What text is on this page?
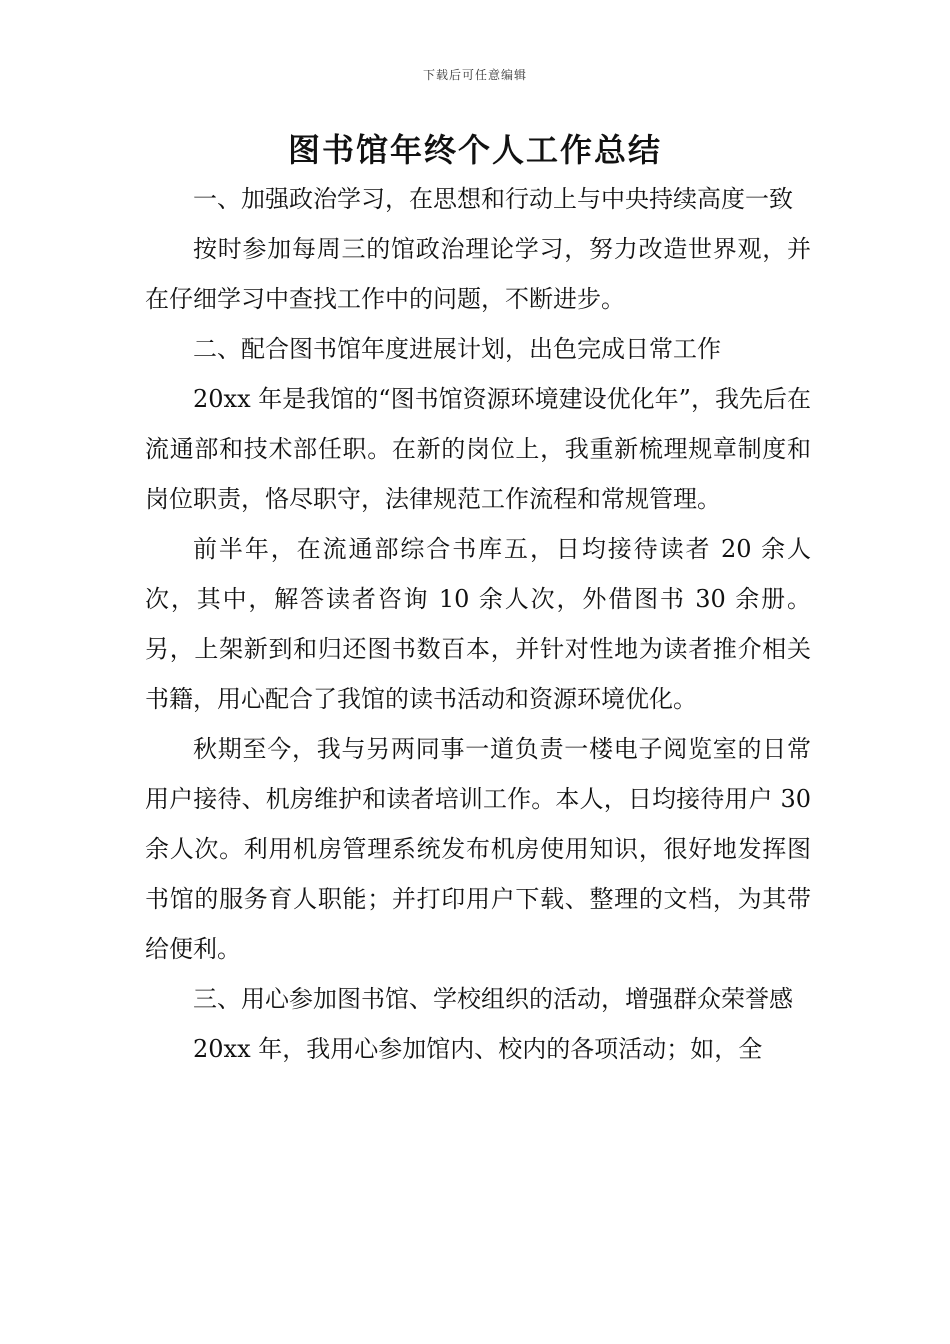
下载后可任意编辑
图书馆年终个人工作总结

一、加强政治学习，在思想和行动上与中央持续高度一致

按时参加每周三的馆政治理论学习，努力改造世界观，并在仔细学习中查找工作中的问题，不断进步。

二、配合图书馆年度进展计划，出色完成日常工作

20xx 年是我馆的“图书馆资源环境建设优化年”，我先后在流通部和技术部任职。在新的岗位上，我重新梳理规章制度和岗位职责，恪尽职守，法律规范工作流程和常规管理。

前半年，在流通部综合书库五，日均接待读者 20 余人次，其中，解答读者咨询 10 余人次，外借图书 30 余册。另，上架新到和归还图书数百本，并针对性地为读者推介相关书籍，用心配合了我馆的读书活动和资源环境优化。

秋期至今，我与另两同事一道负责一楼电子阅览室的日常用户接待、机房维护和读者培训工作。本人，日均接待用户 30 余人次。利用机房管理系统发布机房使用知识，很好地发挥图书馆的服务育人职能；并打印用户下载、整理的文档，为其带给便利。

三、用心参加图书馆、学校组织的活动，增强群众荣誉感

20xx 年，我用心参加馆内、校内的各项活动；如，全
